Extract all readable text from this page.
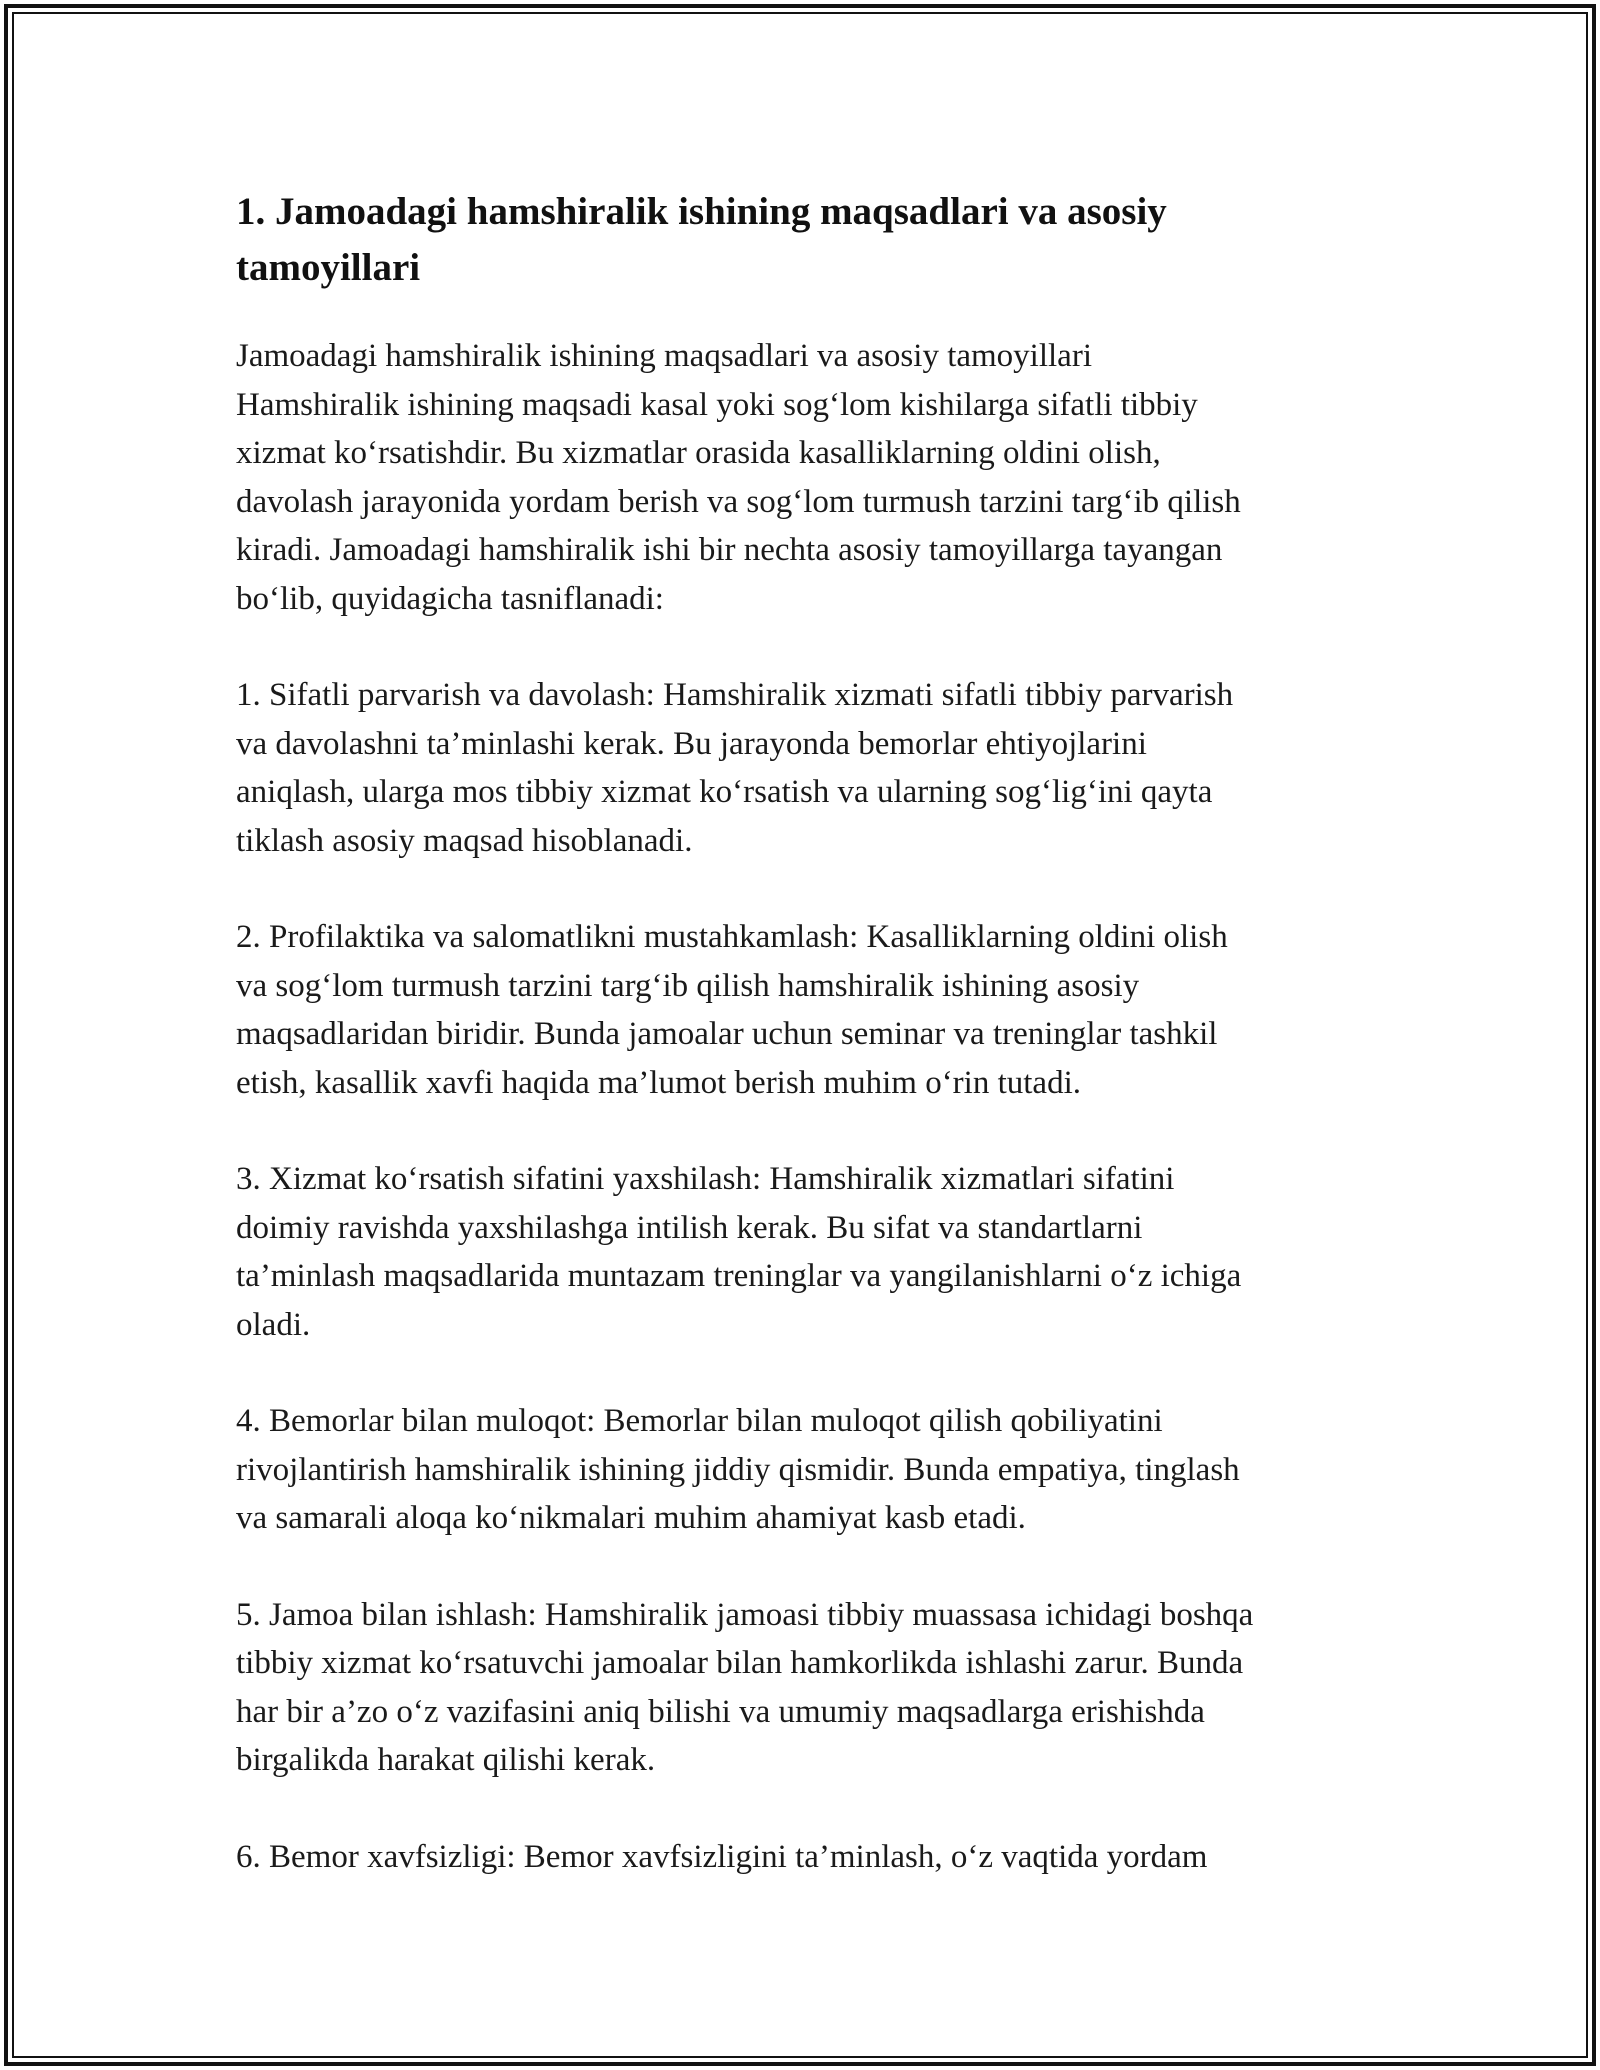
1. Jamoadagi hamshiralik ishining maqsadlari va asosiy
tamoyillari

Jamoadagi hamshiralik ishining maqsadlari va asosiy tamoyillari
Hamshiralik ishining maqsadi kasal yoki sog‘lom kishilarga sifatli tibbiy
xizmat ko‘rsatishdir. Bu xizmatlar orasida kasalliklarning oldini olish,
davolash jarayonida yordam berish va sog‘lom turmush tarzini targ‘ib qilish
kiradi. Jamoadagi hamshiralik ishi bir nechta asosiy tamoyillarga tayangan
bo‘lib, quyidagicha tasniflanadi:

1. Sifatli parvarish va davolash: Hamshiralik xizmati sifatli tibbiy parvarish
va davolashni ta’minlashi kerak. Bu jarayonda bemorlar ehtiyojlarini
aniqlash, ularga mos tibbiy xizmat ko‘rsatish va ularning sog‘lig‘ini qayta
tiklash asosiy maqsad hisoblanadi.

2. Profilaktika va salomatlikni mustahkamlash: Kasalliklarning oldini olish
va sog‘lom turmush tarzini targ‘ib qilish hamshiralik ishining asosiy
maqsadlaridan biridir. Bunda jamoalar uchun seminar va treninglar tashkil
etish, kasallik xavfi haqida ma’lumot berish muhim o‘rin tutadi.

3. Xizmat ko‘rsatish sifatini yaxshilash: Hamshiralik xizmatlari sifatini
doimiy ravishda yaxshilashga intilish kerak. Bu sifat va standartlarni
ta’minlash maqsadlarida muntazam treninglar va yangilanishlarni o‘z ichiga
oladi.

4. Bemorlar bilan muloqot: Bemorlar bilan muloqot qilish qobiliyatini
rivojlantirish hamshiralik ishining jiddiy qismidir. Bunda empatiya, tinglash
va samarali aloqa ko‘nikmalari muhim ahamiyat kasb etadi.

5. Jamoa bilan ishlash: Hamshiralik jamoasi tibbiy muassasa ichidagi boshqa
tibbiy xizmat ko‘rsatuvchi jamoalar bilan hamkorlikda ishlashi zarur. Bunda
har bir a’zo o‘z vazifasini aniq bilishi va umumiy maqsadlarga erishishda
birgalikda harakat qilishi kerak.

6. Bemor xavfsizligi: Bemor xavfsizligini ta’minlash, o‘z vaqtida yordam
